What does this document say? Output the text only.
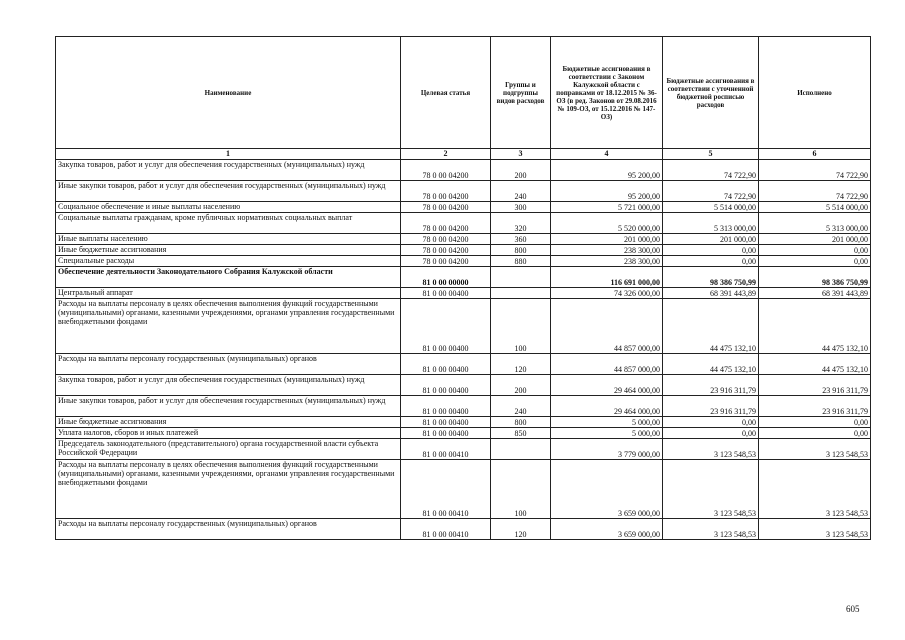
Наименование	Целевая статья	Группы и подгруппы видов расходов	Бюджетные ассигнования в соответствии с Законом Калужской области с поправками от 18.12.2015 № 36-ОЗ (в ред. Законов от 29.08.2016 № 109-ОЗ, от 15.12.2016 № 147-ОЗ)	Бюджетные ассигнования в соответствии с уточненной бюджетной росписью расходов	Исполнено
1	2	3	4	5	6
Закупка товаров, работ и услуг для обеспечения государственных (муниципальных) нужд	78 0 00 04200	200	95 200,00	74 722,90	74 722,90
Иные закупки товаров, работ и услуг для обеспечения государственных (муниципальных) нужд	78 0 00 04200	240	95 200,00	74 722,90	74 722,90
Социальное обеспечение и иные выплаты населению	78 0 00 04200	300	5 721 000,00	5 514 000,00	5 514 000,00
Социальные выплаты гражданам, кроме публичных нормативных социальных выплат	78 0 00 04200	320	5 520 000,00	5 313 000,00	5 313 000,00
Иные выплаты населению	78 0 00 04200	360	201 000,00	201 000,00	201 000,00
Иные бюджетные ассигнования	78 0 00 04200	800	238 300,00	0,00	0,00
Специальные расходы	78 0 00 04200	880	238 300,00	0,00	0,00
Обеспечение деятельности Законодательного Собрания Калужской области	81 0 00 00000		116 691 000,00	98 386 750,99	98 386 750,99
Центральный аппарат	81 0 00 00400		74 326 000,00	68 391 443,89	68 391 443,89
Расходы на выплаты персоналу в целях обеспечения выполнения функций государственными (муниципальными) органами, казенными учреждениями, органами управления государственными внебюджетными фондами	81 0 00 00400	100	44 857 000,00	44 475 132,10	44 475 132,10
Расходы на выплаты персоналу государственных (муниципальных) органов	81 0 00 00400	120	44 857 000,00	44 475 132,10	44 475 132,10
Закупка товаров, работ и услуг для обеспечения государственных (муниципальных) нужд	81 0 00 00400	200	29 464 000,00	23 916 311,79	23 916 311,79
Иные закупки товаров, работ и услуг для обеспечения государственных (муниципальных) нужд	81 0 00 00400	240	29 464 000,00	23 916 311,79	23 916 311,79
Иные бюджетные ассигнования	81 0 00 00400	800	5 000,00	0,00	0,00
Уплата налогов, сборов и иных платежей	81 0 00 00400	850	5 000,00	0,00	0,00
Председатель законодательного (представительного) органа государственной власти субъекта Российской Федерации	81 0 00 00410		3 779 000,00	3 123 548,53	3 123 548,53
Расходы на выплаты персоналу в целях обеспечения выполнения функций государственными (муниципальными) органами, казенными учреждениями, органами управления государственными внебюджетными фондами	81 0 00 00410	100	3 659 000,00	3 123 548,53	3 123 548,53
Расходы на выплаты персоналу государственных (муниципальных) органов	81 0 00 00410	120	3 659 000,00	3 123 548,53	3 123 548,53
605
